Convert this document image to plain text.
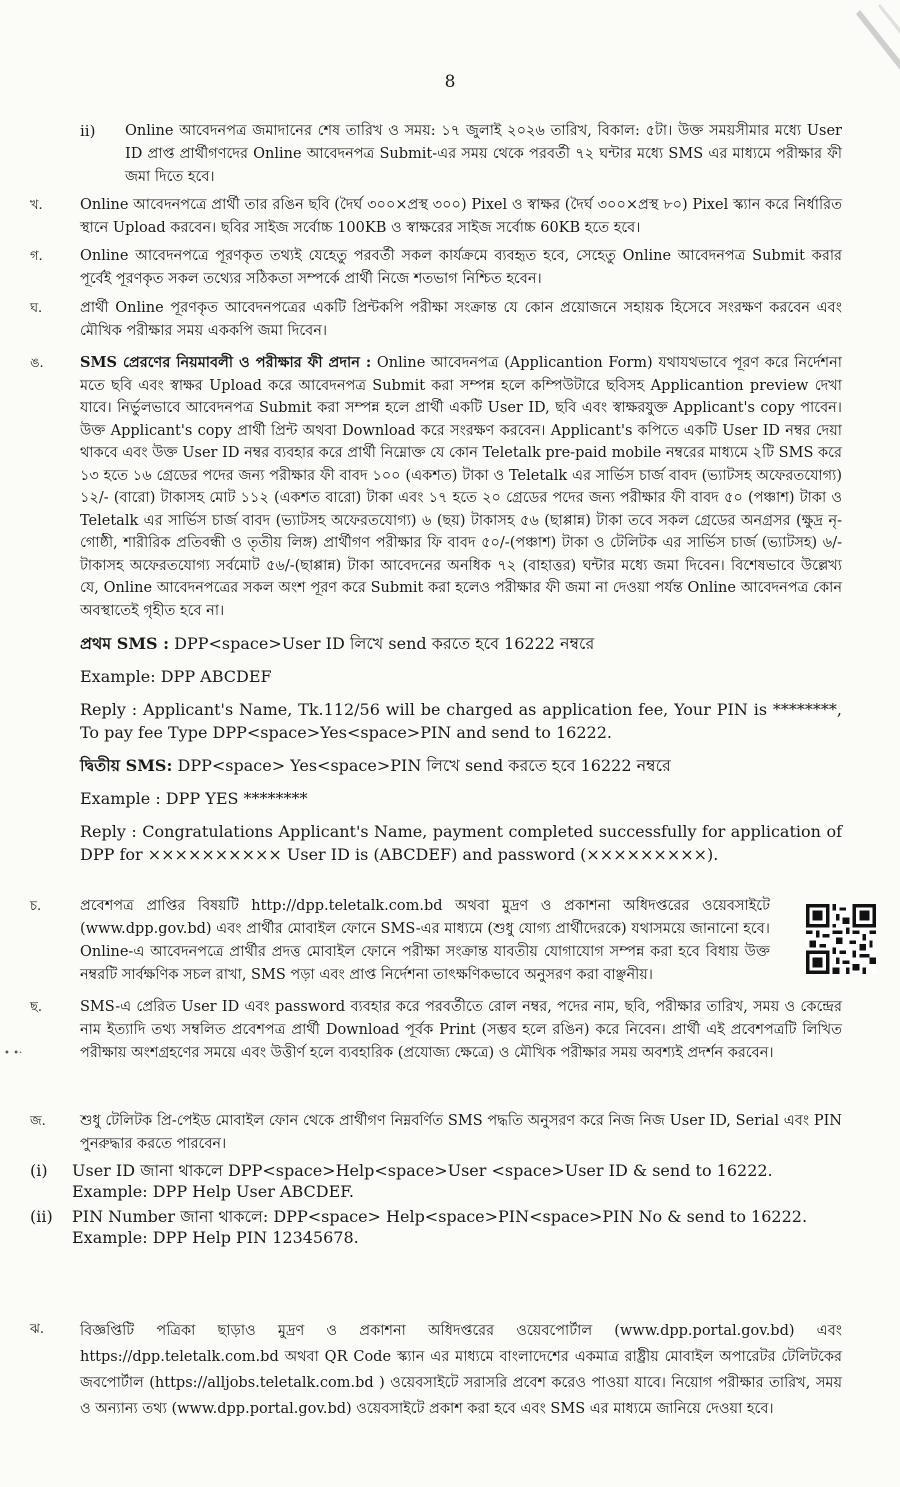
8
ii)	Online আবেদনপত্র জমাদানের শেষ তারিখ ও সময়: ১৭ জুলাই ২০২৬ তারিখ, বিকাল: ৫টা। উক্ত সময়সীমার মধ্যে User ID প্রাপ্ত প্রার্থীগণদের Online আবেদনপত্র Submit-এর সময় থেকে পরবর্তী ৭২ ঘন্টার মধ্যে SMS এর মাধ্যমে পরীক্ষার ফী জমা দিতে হবে।
খ.	Online আবেদনপত্রে প্রার্থী তার রঙিন ছবি (দৈর্ঘ ৩০০×প্রস্থ ৩০০) Pixel ও স্বাক্ষর (দৈর্ঘ ৩০০×প্রস্থ ৮০) Pixel স্ক্যান করে নির্ধারিত স্থানে Upload করবেন। ছবির সাইজ সর্বোচ্চ 100KB ও স্বাক্ষরের সাইজ সর্বোচ্চ 60KB হতে হবে।
গ.	Online আবেদনপত্রে পূরণকৃত তথ্যই যেহেতু পরবর্তী সকল কার্যক্রমে ব্যবহৃত হবে, সেহেতু Online আবেদনপত্র Submit করার পূর্বেই পূরণকৃত সকল তথ্যের সঠিকতা সম্পর্কে প্রার্থী নিজে শতভাগ নিশ্চিত হবেন।
ঘ.	প্রার্থী Online পূরণকৃত আবেদনপত্রের একটি প্রিন্টকপি পরীক্ষা সংক্রান্ত যে কোন প্রয়োজনে সহায়ক হিসেবে সংরক্ষণ করবেন এবং মৌখিক পরীক্ষার সময় এককপি জমা দিবেন।
ঙ.	SMS প্রেরণের নিয়মাবলী ও পরীক্ষার ফী প্রদান : Online আবেদনপত্র (Applicantion Form) যথাযথভাবে পূরণ করে নির্দেশনা মতে ছবি এবং স্বাক্ষর Upload করে আবেদনপত্র Submit করা সম্পন্ন হলে কম্পিউটারে ছবিসহ Applicantion preview দেখা যাবে। নির্ভুলভাবে আবেদনপত্র Submit করা সম্পন্ন হলে প্রার্থী একটি User ID, ছবি এবং স্বাক্ষরযুক্ত Applicant's copy পাবেন। উক্ত Applicant's copy প্রার্থী প্রিন্ট অথবা Download করে সংরক্ষণ করবেন। Applicant's কপিতে একটি User ID নম্বর দেয়া থাকবে এবং উক্ত User ID নম্বর ব্যবহার করে প্রার্থী নিম্নোক্ত যে কোন Teletalk pre-paid mobile নম্বরের মাধ্যমে ২টি SMS করে ১৩ হতে ১৬ গ্রেডের পদের জন্য পরীক্ষার ফী বাবদ ১০০ (একশত) টাকা ও Teletalk এর সার্ভিস চার্জ বাবদ (ভ্যাটসহ অফেরতযোগ্য) ১২/- (বারো) টাকাসহ মোট ১১২ (একশত বারো) টাকা এবং ১৭ হতে ২০ গ্রেডের পদের জন্য পরীক্ষার ফী বাবদ ৫০ (পঞ্চাশ) টাকা ও Teletalk এর সার্ভিস চার্জ বাবদ (ভ্যাটসহ অফেরতযোগ্য) ৬ (ছয়) টাকাসহ ৫৬ (ছাপ্পান্ন) টাকা তবে সকল গ্রেডের অনগ্রসর (ক্ষুদ্র নৃ-গোষ্ঠী, শারীরিক প্রতিবন্ধী ও তৃতীয় লিঙ্গ) প্রার্থীগণ পরীক্ষার ফি বাবদ ৫০/-(পঞ্চাশ) টাকা ও টেলিটক এর সার্ভিস চার্জ (ভ্যাটসহ) ৬/-টাকাসহ অফেরতযোগ্য সর্বমোট ৫৬/-(ছাপ্পান্ন) টাকা আবেদনের অনধিক ৭২ (বাহাত্তর) ঘন্টার মধ্যে জমা দিবেন। বিশেষভাবে উল্লেখ্য যে, Online আবেদনপত্রের সকল অংশ পূরণ করে Submit করা হলেও পরীক্ষার ফী জমা না দেওয়া পর্যন্ত Online আবেদনপত্র কোন অবস্থাতেই গৃহীত হবে না।

প্রথম SMS : DPP<space>User ID লিখে send করতে হবে 16222 নম্বরে

Example: DPP ABCDEF

Reply : Applicant's Name, Tk.112/56 will be charged as application fee, Your PIN is ********, To pay fee Type DPP<space>Yes<space>PIN and send to 16222.

দ্বিতীয় SMS: DPP<space> Yes<space>PIN লিখে send করতে হবে 16222 নম্বরে

Example : DPP YES ********

Reply : Congratulations Applicant's Name, payment completed successfully for application of DPP for ×××××××××× User ID is (ABCDEF) and password (×××××××××).

চ.	প্রবেশপত্র প্রাপ্তির বিষয়টি http://dpp.teletalk.com.bd অথবা মুদ্রণ ও প্রকাশনা অধিদপ্তরের ওয়েবসাইটে (www.dpp.gov.bd) এবং প্রার্থীর মোবাইল ফোনে SMS-এর মাধ্যমে (শুধু যোগ্য প্রার্থীদেরকে) যথাসময়ে জানানো হবে। Online-এ আবেদনপত্রে প্রার্থীর প্রদত্ত মোবাইল ফোনে পরীক্ষা সংক্রান্ত যাবতীয় যোগাযোগ সম্পন্ন করা হবে বিধায় উক্ত নম্বরটি সার্বক্ষণিক সচল রাখা, SMS পড়া এবং প্রাপ্ত নির্দেশনা তাৎক্ষণিকভাবে অনুসরণ করা বাঞ্ছনীয়।
ছ.	SMS-এ প্রেরিত User ID এবং password ব্যবহার করে পরবর্তীতে রোল নম্বর, পদের নাম, ছবি, পরীক্ষার তারিখ, সময় ও কেন্দ্রের নাম ইত্যাদি তথ্য সম্বলিত প্রবেশপত্র প্রার্থী Download পূর্বক Print (সম্ভব হলে রঙিন) করে নিবেন। প্রার্থী এই প্রবেশপত্রটি লিখিত পরীক্ষায় অংশগ্রহণের সময়ে এবং উত্তীর্ণ হলে ব্যবহারিক (প্রযোজ্য ক্ষেত্রে) ও মৌখিক পরীক্ষার সময় অবশ্যই প্রদর্শন করবেন।
• •·
জ.	শুধু টেলিটক প্রি-পেইড মোবাইল ফোন থেকে প্রার্থীগণ নিম্নবর্ণিত SMS পদ্ধতি অনুসরণ করে নিজ নিজ User ID, Serial এবং PIN পুনরুদ্ধার করতে পারবেন।
(i)	User ID জানা থাকলে DPP<space>Help<space>User <space>User ID & send to 16222.
Example: DPP Help User ABCDEF.
(ii)	PIN Number জানা থাকলে: DPP<space> Help<space>PIN<space>PIN No & send to 16222.
Example: DPP Help PIN 12345678.
ঝ.	বিজ্ঞপ্তিটি পত্রিকা ছাড়াও মুদ্রণ ও প্রকাশনা অধিদপ্তরের ওয়েবপোর্টাল (www.dpp.portal.gov.bd) এবং https://dpp.teletalk.com.bd অথবা QR Code স্ক্যান এর মাধ্যমে বাংলাদেশের একমাত্র রাষ্ট্রীয় মোবাইল অপারেটর টেলিটকের জবপোর্টাল (https://alljobs.teletalk.com.bd ) ওয়েবসাইটে সরাসরি প্রবেশ করেও পাওয়া যাবে। নিয়োগ পরীক্ষার তারিখ, সময় ও অন্যান্য তথ্য (www.dpp.portal.gov.bd) ওয়েবসাইটে প্রকাশ করা হবে এবং SMS এর মাধ্যমে জানিয়ে দেওয়া হবে।
